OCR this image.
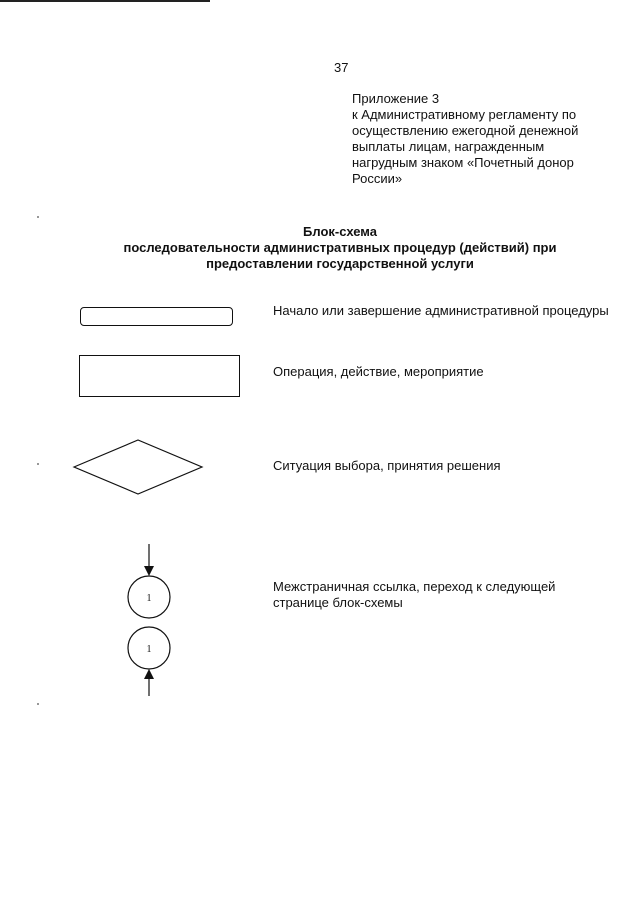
37
Приложение 3
к Административному регламенту по
осуществлению ежегодной денежной
выплаты лицам, награжденным
нагрудным знаком «Почетный донор
России»
Блок-схема
последовательности административных процедур (действий) при
предоставлении государственной услуги
Начало или завершение административной процедуры
Операция, действие, мероприятие
Ситуация выбора, принятия решения
1
1
Межстраничная ссылка, переход к следующей
странице блок-схемы
